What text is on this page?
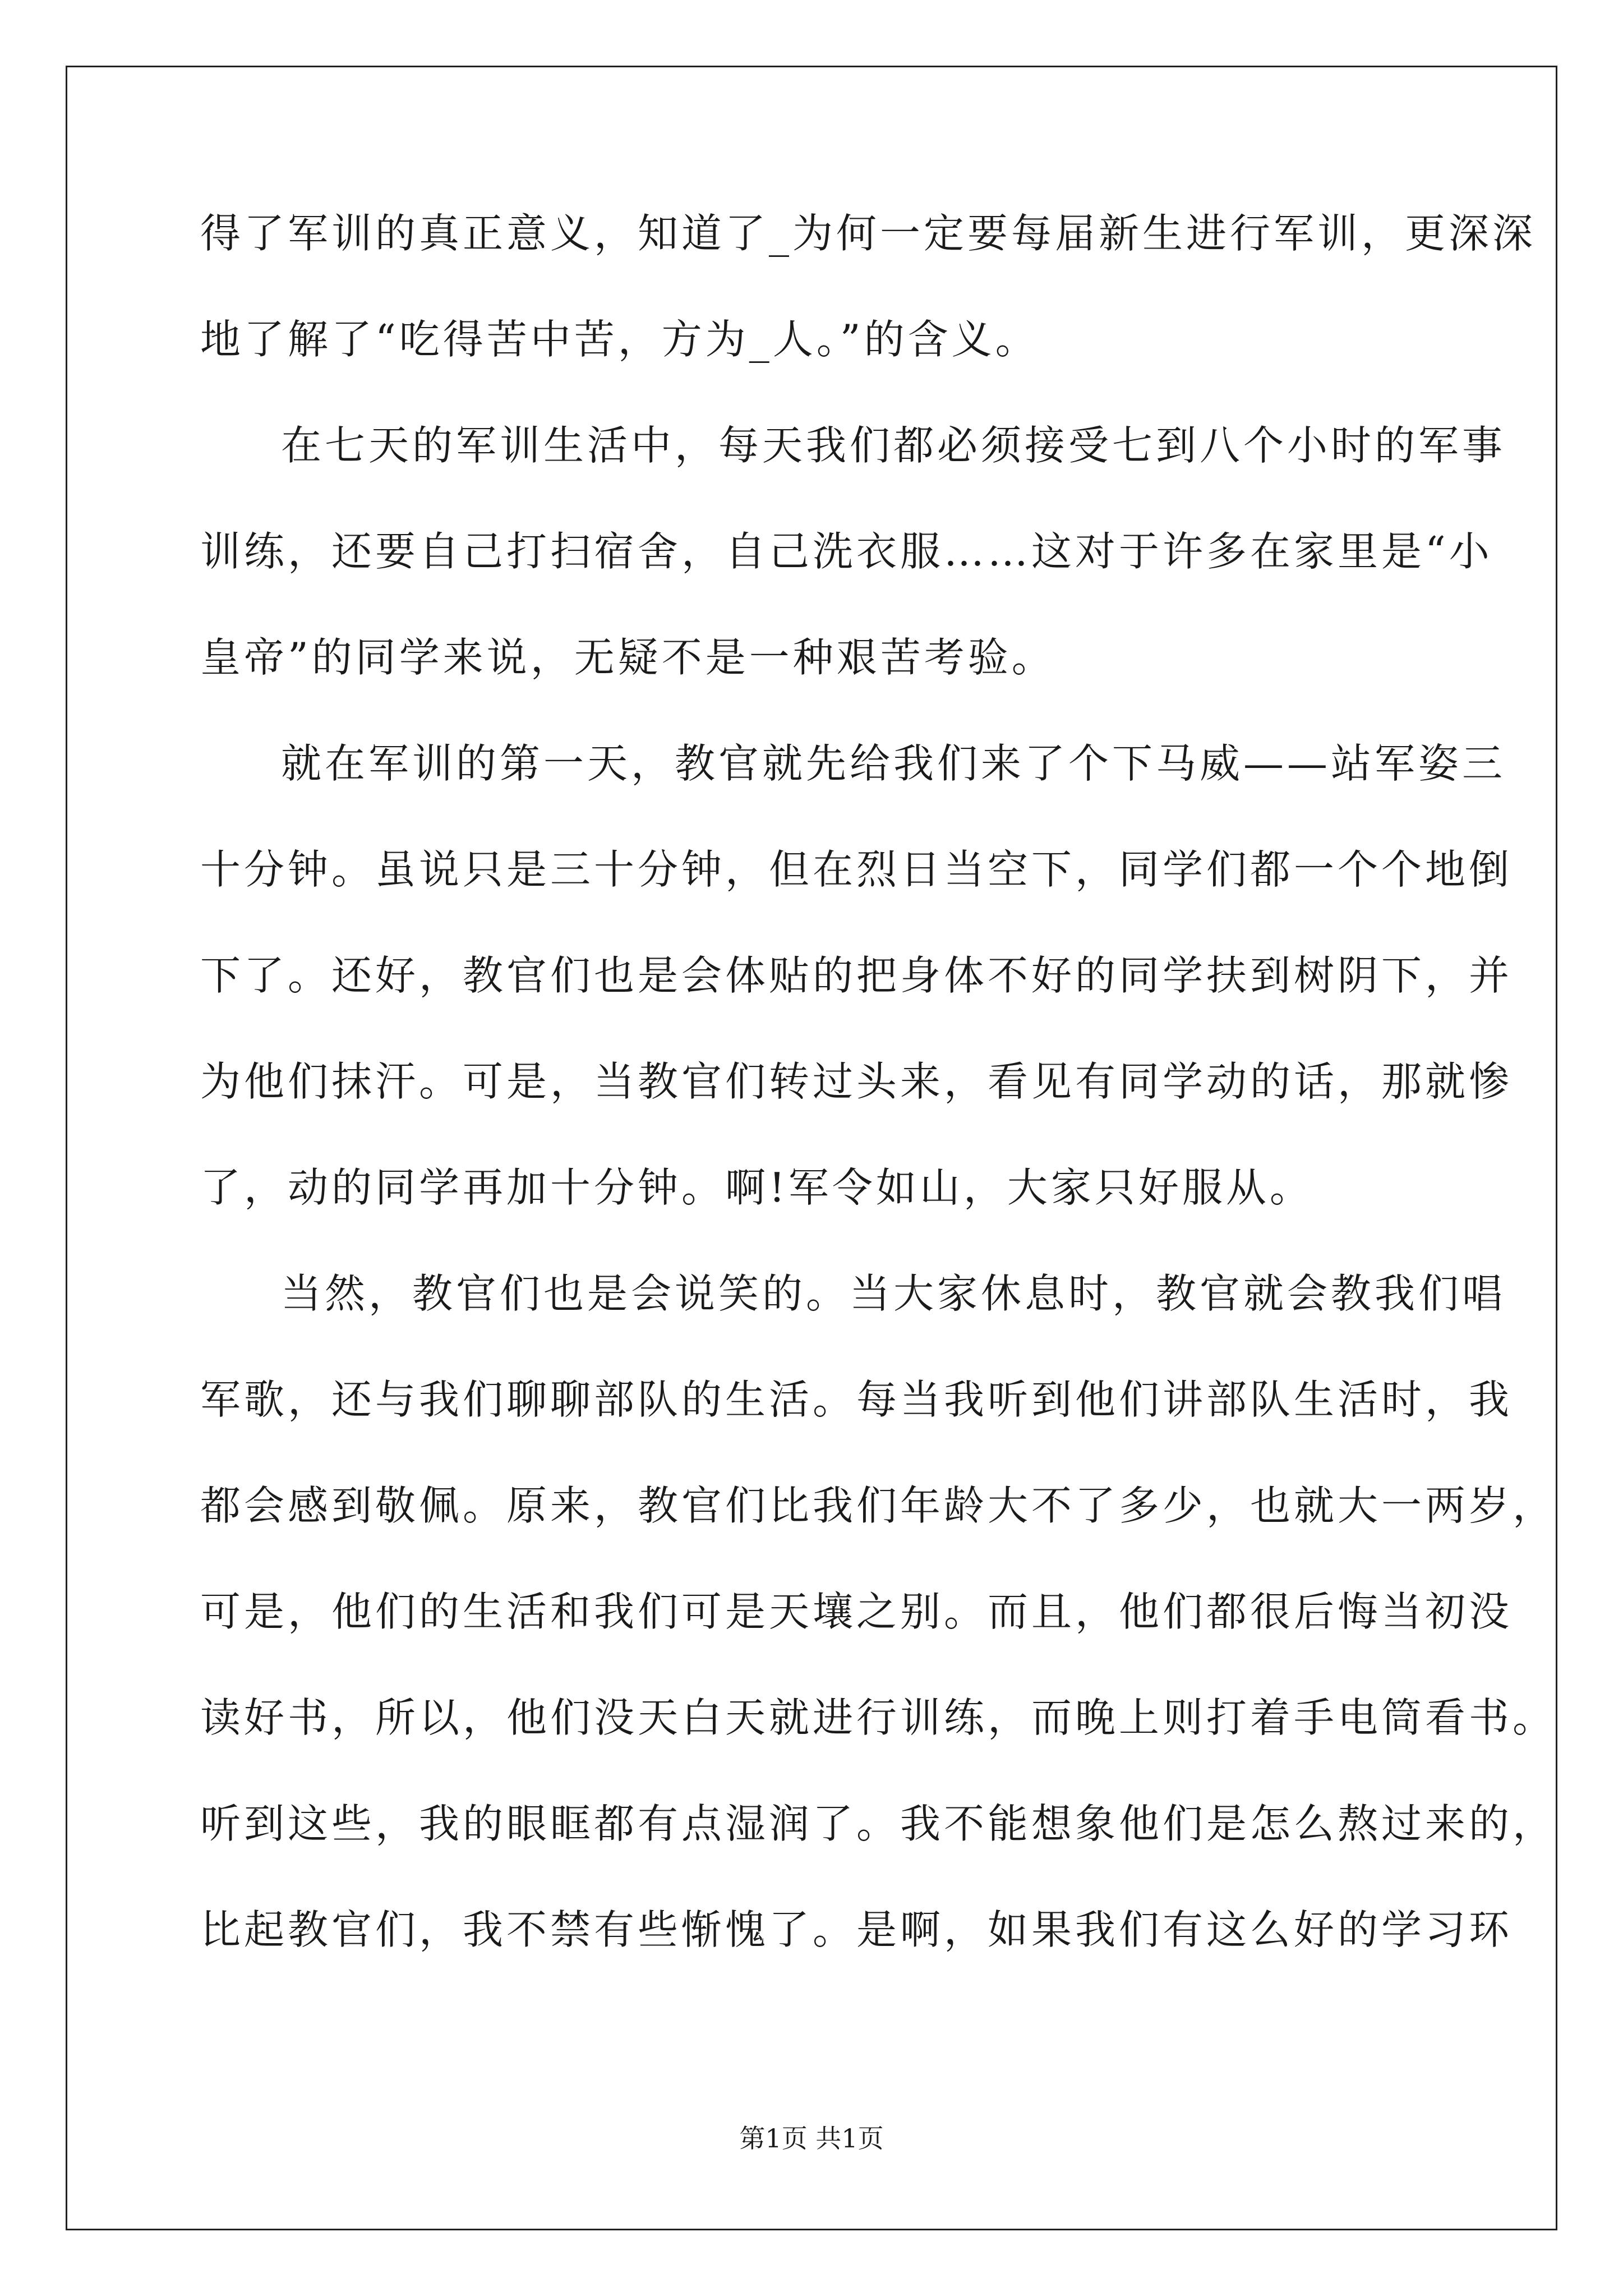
得了军训的真正意义，知道了_为何一定要每届新生进行军训，更深深
地了解了“吃得苦中苦，方为_人。”的含义。
在七天的军训生活中，每天我们都必须接受七到八个小时的军事
训练，还要自己打扫宿舍，自己洗衣服……这对于许多在家里是“小
皇帝”的同学来说，无疑不是一种艰苦考验。
就在军训的第一天，教官就先给我们来了个下马威——站军姿三
十分钟。虽说只是三十分钟，但在烈日当空下，同学们都一个个地倒
下了。还好，教官们也是会体贴的把身体不好的同学扶到树阴下，并
为他们抹汗。可是，当教官们转过头来，看见有同学动的话，那就惨
了，动的同学再加十分钟。啊!军令如山，大家只好服从。
当然，教官们也是会说笑的。当大家休息时，教官就会教我们唱
军歌，还与我们聊聊部队的生活。每当我听到他们讲部队生活时，我
都会感到敬佩。原来，教官们比我们年龄大不了多少，也就大一两岁，
可是，他们的生活和我们可是天壤之别。而且，他们都很后悔当初没
读好书，所以，他们没天白天就进行训练，而晚上则打着手电筒看书。
听到这些，我的眼眶都有点湿润了。我不能想象他们是怎么熬过来的，
比起教官们，我不禁有些惭愧了。是啊，如果我们有这么好的学习环
第1页 共1页
